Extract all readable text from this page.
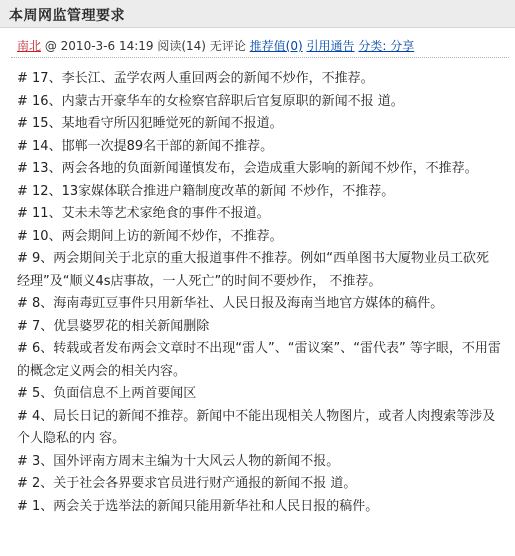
本周网监管理要求
南北 @ 2010-3-6 14:19 阅读(14) 无评论 推荐值(0) 引用通告 分类: 分享

# 17、李长江、孟学农两人重回两会的新闻不炒作，不推荐。

# 16、内蒙古开豪华车的女检察官辞职后官复原职的新闻不报 道。

# 15、某地看守所囚犯睡觉死的新闻不报道。

# 14、邯郸一次提89名干部的新闻不推荐。

# 13、两会各地的负面新闻谨慎发布，会造成重大影响的新闻不炒作，不推荐。

# 12、13家媒体联合推进户籍制度改革的新闻 不炒作，不推荐。

# 11、艾未未等艺术家绝食的事件不报道。

# 10、两会期间上访的新闻不炒作，不推荐。

# 9、两会期间关于北京的重大报道事件不推荐。例如“西单图书大厦物业员工砍死经理”及“顺义4s店事故，一人死亡”的时间不要炒作， 不推荐。

# 8、海南毒豇豆事件只用新华社、人民日报及海南当地官方媒体的稿件。

# 7、优昙婆罗花的相关新闻删除

# 6、转载或者发布两会文章时不出现“雷人”、“雷议案”、“雷代表” 等字眼，不用雷的概念定义两会的相关内容。

# 5、负面信息不上两首要闻区

# 4、局长日记的新闻不推荐。新闻中不能出现相关人物图片，或者人肉搜索等涉及个人隐私的内 容。

# 3、国外评南方周末主编为十大风云人物的新闻不报。

# 2、关于社会各界要求官员进行财产通报的新闻不报 道。

# 1、两会关于选举法的新闻只能用新华社和人民日报的稿件。
